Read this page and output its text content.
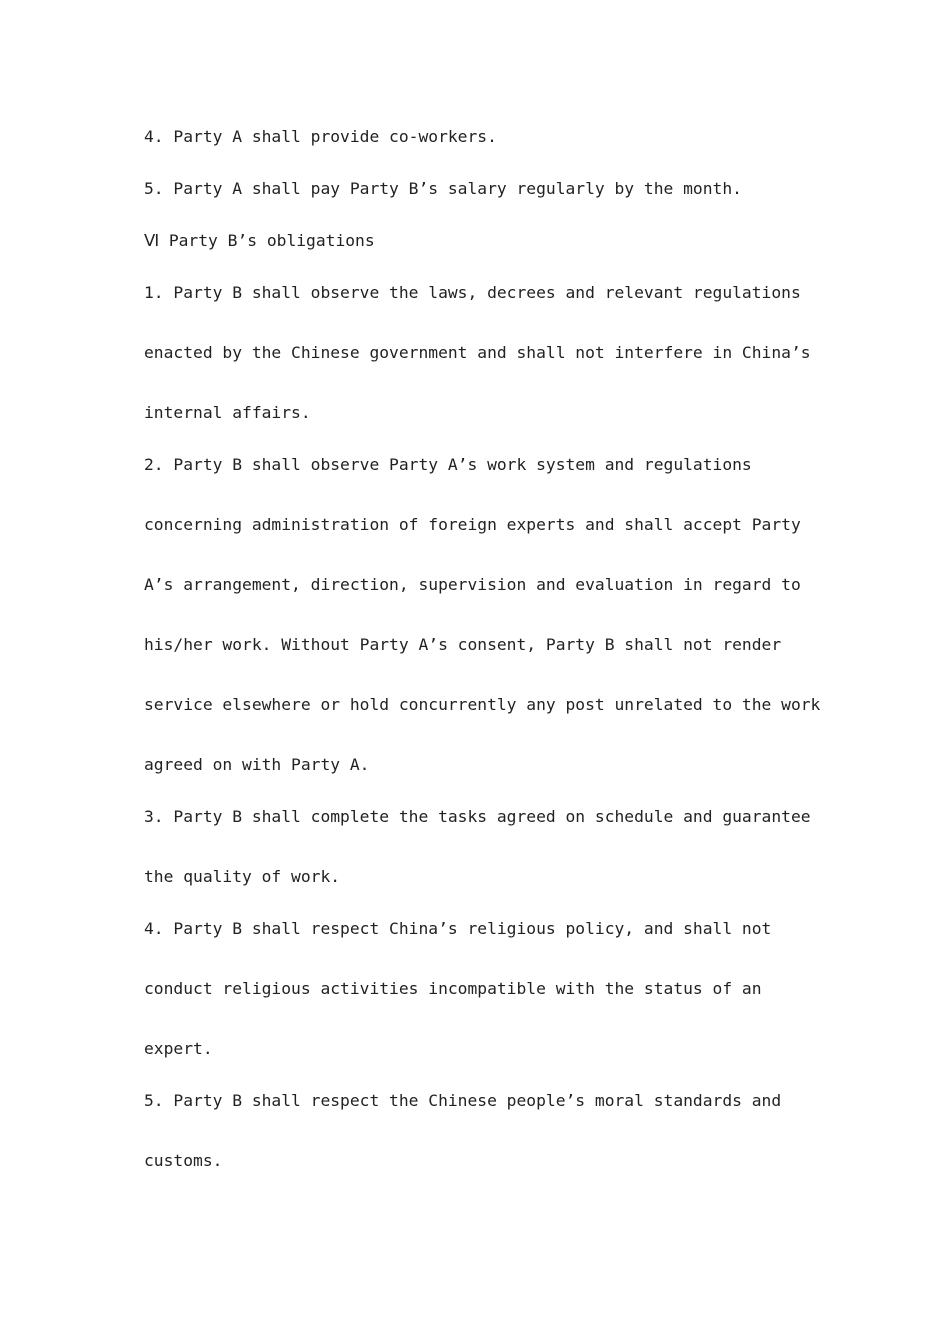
4. Party A shall provide co-workers.

5. Party A shall pay Party B’s salary regularly by the month.

Ⅵ Party B’s obligations

1. Party B shall observe the laws, decrees and relevant regulations

enacted by the Chinese government and shall not interfere in China’s

internal affairs.

2. Party B shall observe Party A’s work system and regulations

concerning administration of foreign experts and shall accept Party

A’s arrangement, direction, supervision and evaluation in regard to

his/her work. Without Party A’s consent, Party B shall not render

service elsewhere or hold concurrently any post unrelated to the work

agreed on with Party A.

3. Party B shall complete the tasks agreed on schedule and guarantee

the quality of work.

4. Party B shall respect China’s religious policy, and shall not

conduct religious activities incompatible with the status of an

expert.

5. Party B shall respect the Chinese people’s moral standards and

customs.
